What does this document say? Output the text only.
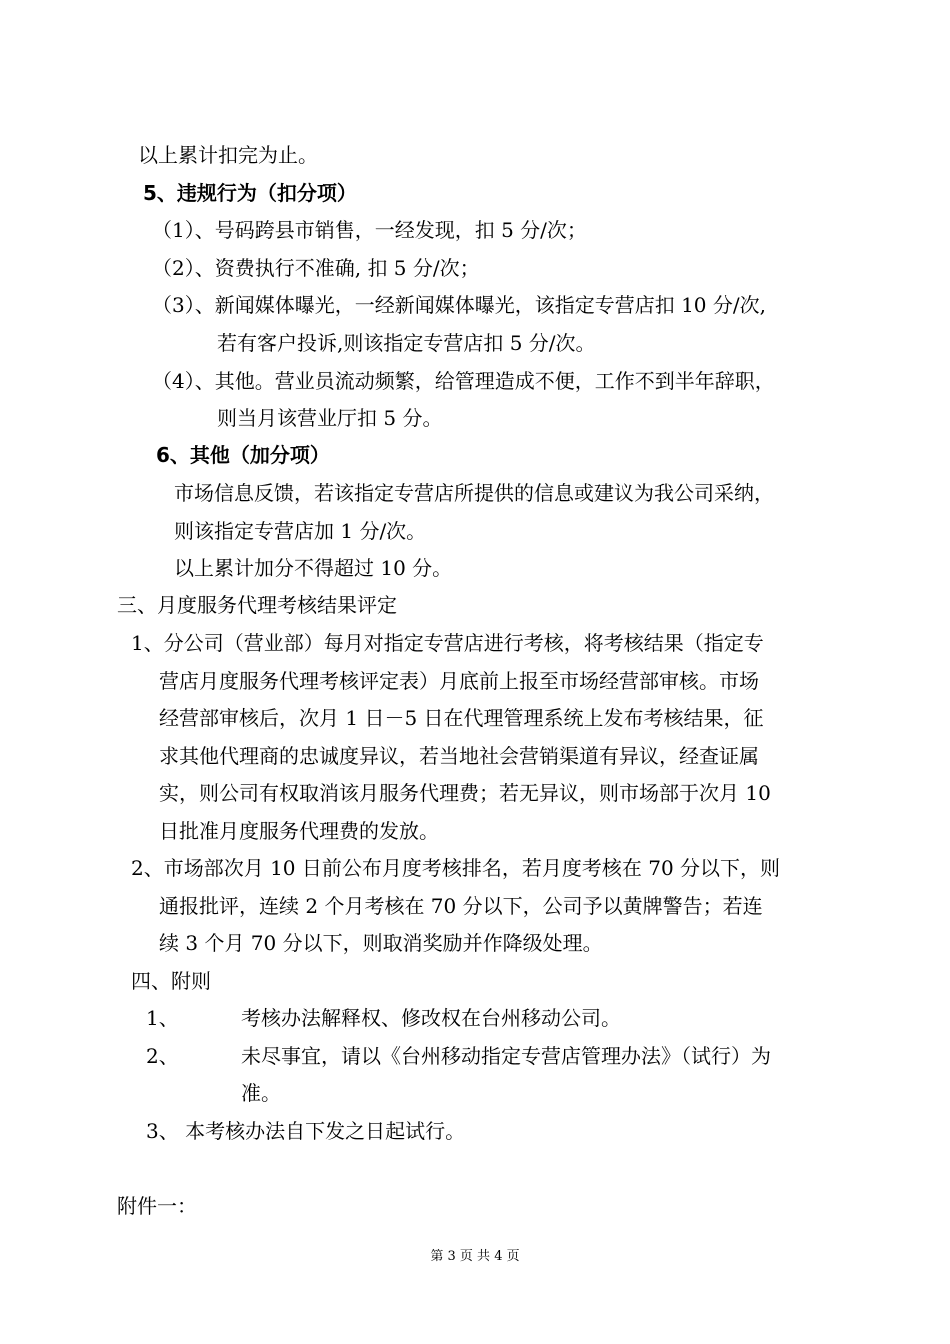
以上累计扣完为止。
5、违规行为（扣分项）
（1）、号码跨县市销售，一经发现，扣 5 分/次；
（2）、资费执行不准确, 扣 5 分/次；
（3）、新闻媒体曝光，一经新闻媒体曝光，该指定专营店扣 10 分/次,
若有客户投诉,则该指定专营店扣 5 分/次。
（4）、其他。营业员流动频繁，给管理造成不便，工作不到半年辞职，
则当月该营业厅扣 5 分。
6、其他（加分项）
市场信息反馈，若该指定专营店所提供的信息或建议为我公司采纳，
则该指定专营店加 1 分/次。
以上累计加分不得超过 10 分。
三、月度服务代理考核结果评定
1、分公司（营业部）每月对指定专营店进行考核，将考核结果（指定专
营店月度服务代理考核评定表）月底前上报至市场经营部审核。市场
经营部审核后，次月 1 日－5 日在代理管理系统上发布考核结果，征
求其他代理商的忠诚度异议，若当地社会营销渠道有异议，经查证属
实，则公司有权取消该月服务代理费；若无异议，则市场部于次月 10
日批准月度服务代理费的发放。
2、市场部次月 10 日前公布月度考核排名，若月度考核在 70 分以下，则
通报批评，连续 2 个月考核在 70 分以下，公司予以黄牌警告；若连
续 3 个月 70 分以下，则取消奖励并作降级处理。
四、附则
1、	考核办法解释权、修改权在台州移动公司。
2、	未尽事宜，请以《台州移动指定专营店管理办法》（试行）为
准。
3、 本考核办法自下发之日起试行。
附件一：
第 3 页 共 4 页
